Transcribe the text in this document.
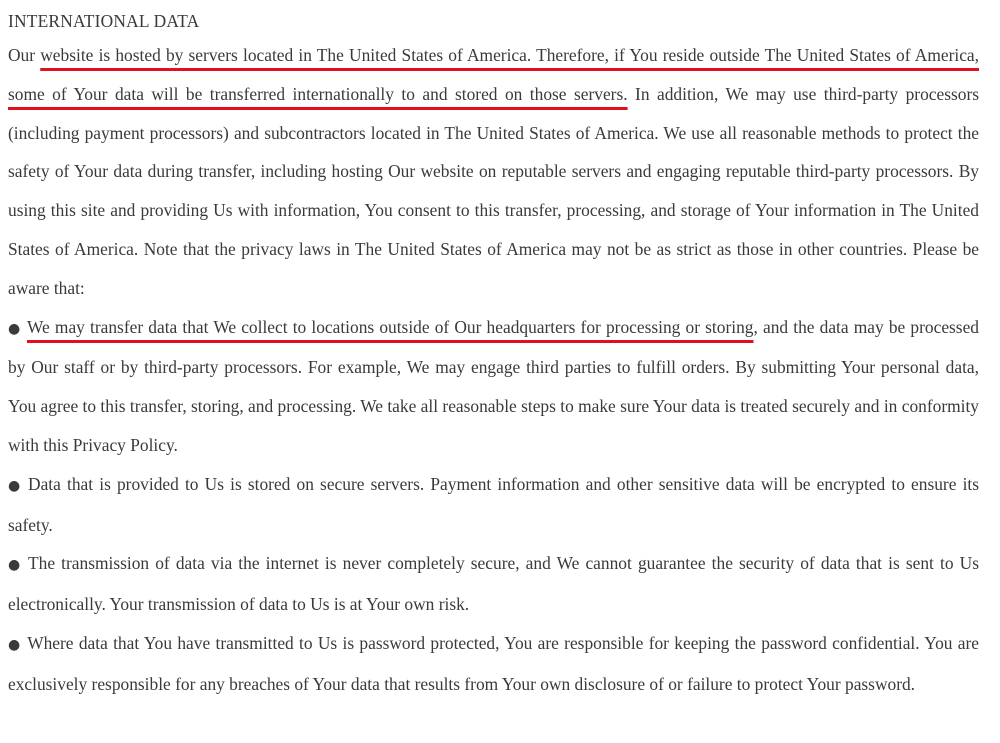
INTERNATIONAL DATA

Our website is hosted by servers located in The United States of America. Therefore, if You reside outside The United States of America, some of Your data will be transferred internationally to and stored on those servers. In addition, We may use third-party processors (including payment processors) and subcontractors located in The United States of America. We use all reasonable methods to protect the safety of Your data during transfer, including hosting Our website on reputable servers and engaging reputable third-party processors. By using this site and providing Us with information, You consent to this transfer, processing, and storage of Your information in The United States of America. Note that the privacy laws in The United States of America may not be as strict as those in other countries. Please be aware that:

● We may transfer data that We collect to locations outside of Our headquarters for processing or storing, and the data may be processed by Our staff or by third-party processors. For example, We may engage third parties to fulfill orders. By submitting Your personal data, You agree to this transfer, storing, and processing. We take all reasonable steps to make sure Your data is treated securely and in conformity with this Privacy Policy.
● Data that is provided to Us is stored on secure servers. Payment information and other sensitive data will be encrypted to ensure its safety.
● The transmission of data via the internet is never completely secure, and We cannot guarantee the security of data that is sent to Us electronically. Your transmission of data to Us is at Your own risk.
● Where data that You have transmitted to Us is password protected, You are responsible for keeping the password confidential. You are exclusively responsible for any breaches of Your data that results from Your own disclosure of or failure to protect Your password.
